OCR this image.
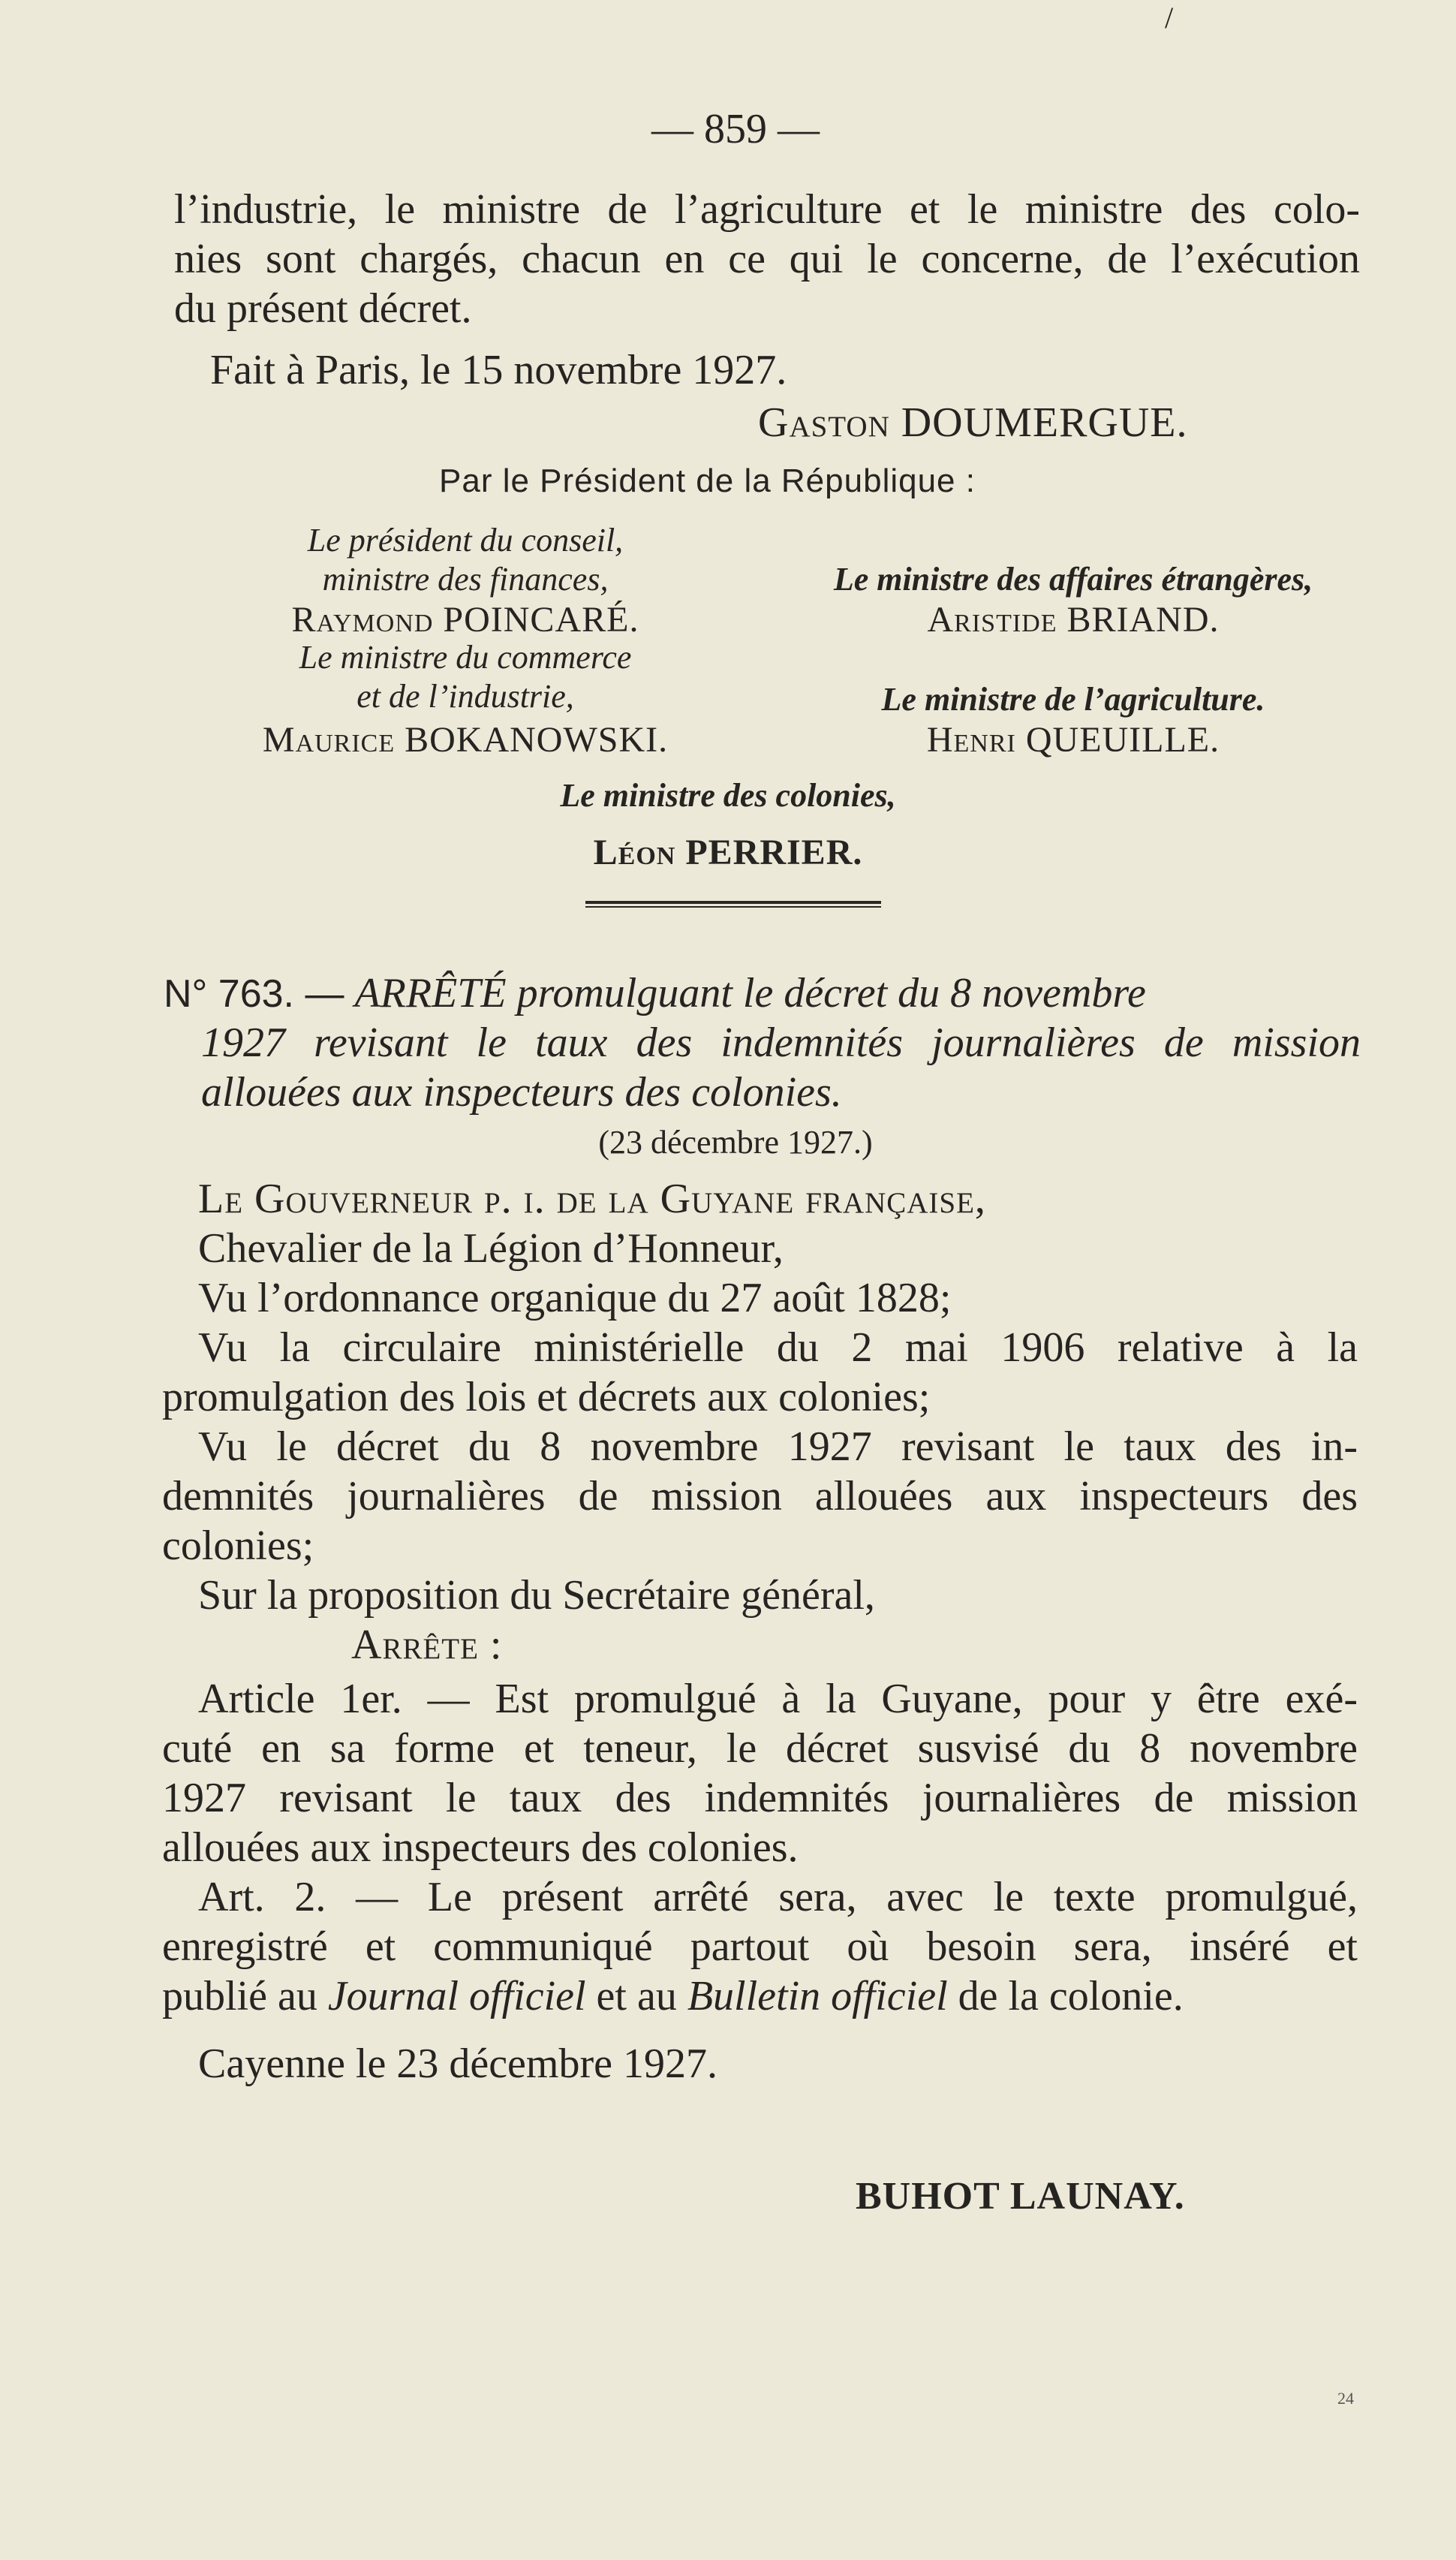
/
— 859 —
l’industrie, le ministre de l’agriculture et le ministre des colo-
nies sont chargés, chacun en ce qui le concerne, de l’exécution
du présent décret.
Fait à Paris, le 15 novembre 1927.
Gaston DOUMERGUE.
Par le Président de la République :
Le président du conseil,
ministre des finances,
Raymond POINCARÉ.
Le ministre du commerce
et de l’industrie,
Maurice BOKANOWSKI.
Le ministre des affaires étrangères,
Aristide BRIAND.
Le ministre de l’agriculture.
Henri QUEUILLE.
Le ministre des colonies,
Léon PERRIER.
N° 763. — ARRÊTÉ promulguant le décret du 8 novembre
1927 revisant le taux des indemnités journalières de mission
allouées aux inspecteurs des colonies.
(23 décembre 1927.)
Le Gouverneur p. i. de la Guyane française,
Chevalier de la Légion d’Honneur,
Vu l’ordonnance organique du 27 août 1828;
Vu la circulaire ministérielle du 2 mai 1906 relative à la
promulgation des lois et décrets aux colonies;
Vu le décret du 8 novembre 1927 revisant le taux des in-
demnités journalières de mission allouées aux inspecteurs des
colonies;
Sur la proposition du Secrétaire général,
Arrête :
Article 1er. — Est promulgué à la Guyane, pour y être exé-
cuté en sa forme et teneur, le décret susvisé du 8 novembre
1927 revisant le taux des indemnités journalières de mission
allouées aux inspecteurs des colonies.
Art. 2. — Le présent arrêté sera, avec le texte promulgué,
enregistré et communiqué partout où besoin sera, inséré et
publié au Journal officiel et au Bulletin officiel de la colonie.
Cayenne le 23 décembre 1927.
BUHOT LAUNAY.
24
